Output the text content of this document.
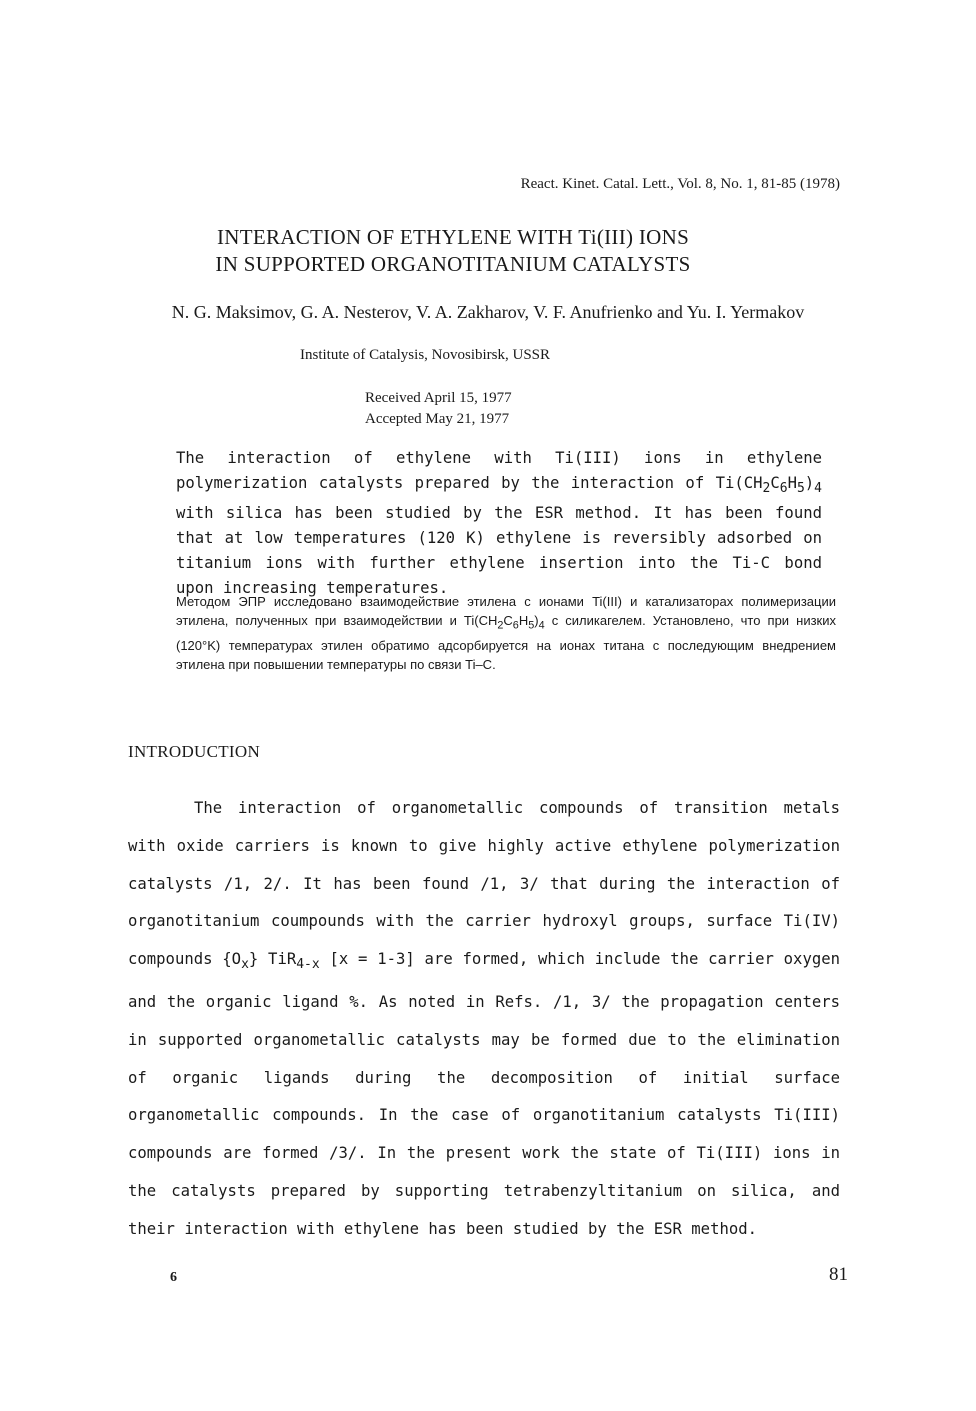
React. Kinet. Catal. Lett., Vol. 8, No. 1, 81-85 (1978)
INTERACTION OF ETHYLENE WITH Ti(III) IONS
IN SUPPORTED ORGANOTITANIUM CATALYSTS
N. G. Maksimov, G. A. Nesterov, V. A. Zakharov, V. F. Anufrienko and Yu. I. Yermakov
Institute of Catalysis, Novosibirsk, USSR
Received April 15, 1977
Accepted May 21, 1977
The interaction of ethylene with Ti(III) ions in ethylene polymerization catalysts prepared by the interaction of $Ti(CH_2C_6H_5)_4$ with silica has been studied by the ESR method. It has been found that at low temperatures (120 K) ethylene is reversibly adsorbed on titanium ions with further ethylene insertion into the Ti-C bond upon increasing temperatures.
Методом ЭПР исследовано взаимодействие этилена с ионами Ti(III) и катализаторах полимеризации этилена, полученных при взаимодействии и $Ti(CH_2C_6H_5)_4$ с силикагелем. Установлено, что при низких (120°K) температурах этилен обратимо адсорбируется на ионах титана с последующим внедрением этилена при повышении температуры по связи Ti–C.
INTRODUCTION
The interaction of organometallic compounds of transition metals with oxide carriers is known to give highly active ethylene polymerization catalysts /1, 2/. It has been found /1, 3/ that during the interaction of organotitanium coumpounds with the carrier hydroxyl groups, surface Ti(IV) compounds $\{O_x\}$ TiR$_{4-x}$ [x = 1-3] are formed, which include the carrier oxygen and the organic ligand %. As noted in Refs. /1, 3/ the propagation centers in supported organometallic catalysts may be formed due to the elimination of organic ligands during the decomposition of initial surface organometallic compounds. In the case of organotitanium catalysts Ti(III) compounds are formed /3/. In the present work the state of Ti(III) ions in the catalysts prepared by supporting tetrabenzyltitanium on silica, and their interaction with ethylene has been studied by the ESR method.
6	81
